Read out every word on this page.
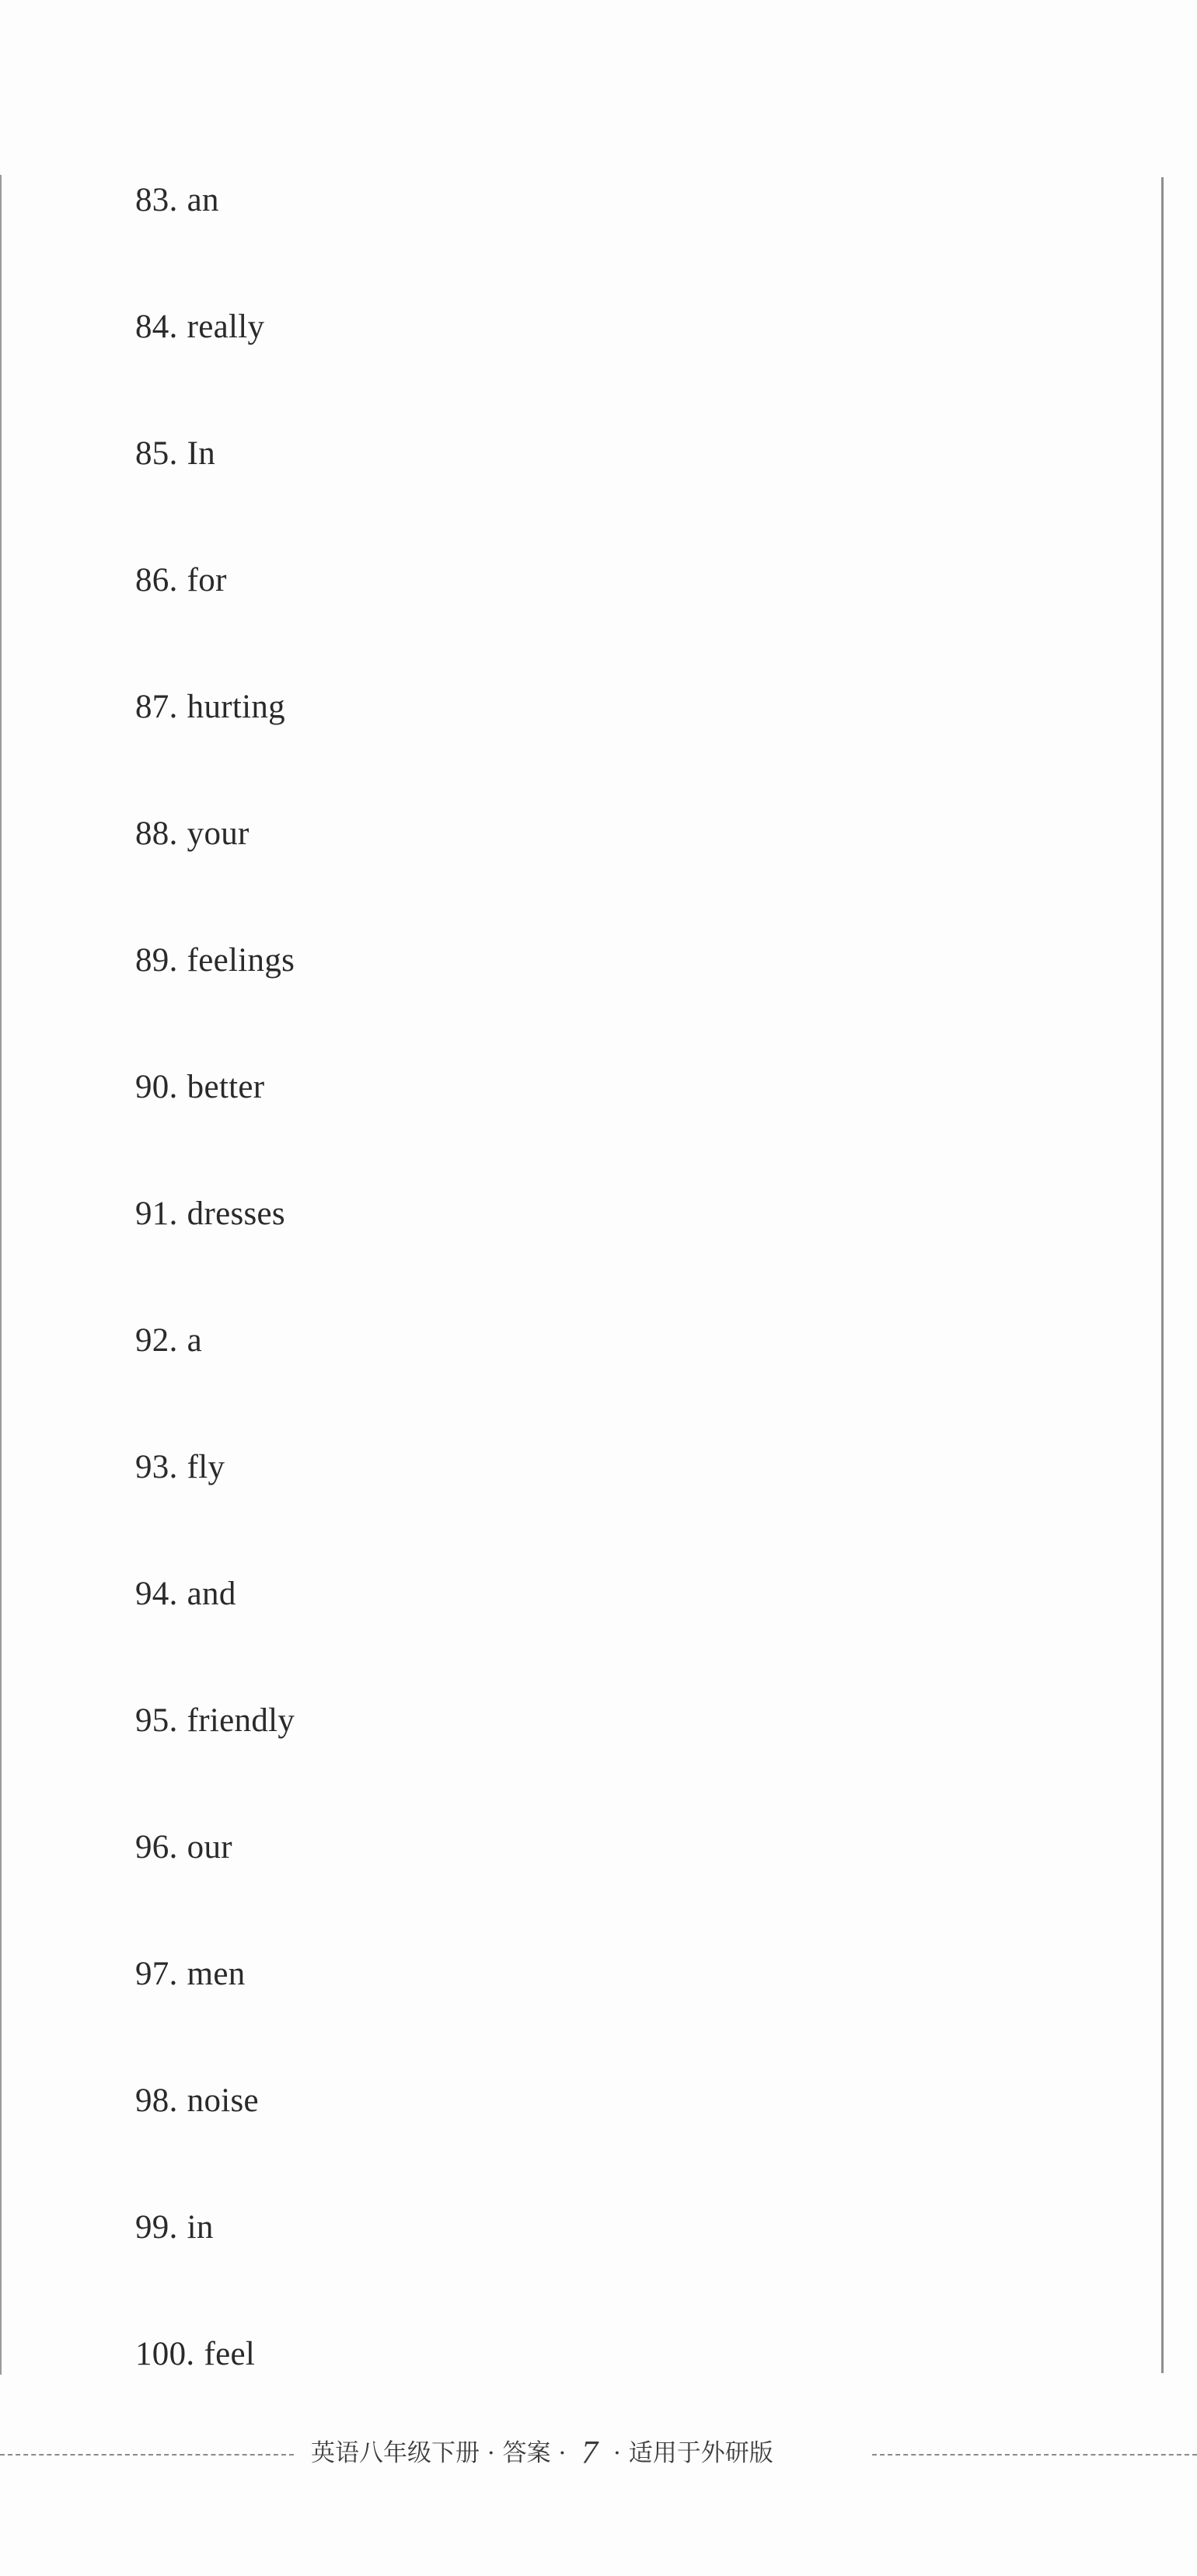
83. an
84. really
85. In
86. for
87. hurting
88. your
89. feelings
90. better
91. dresses
92. a
93. fly
94. and
95. friendly
96. our
97. men
98. noise
99. in
100. feel
英语八年级下册 · 答案 · 7 · 适用于外研版
